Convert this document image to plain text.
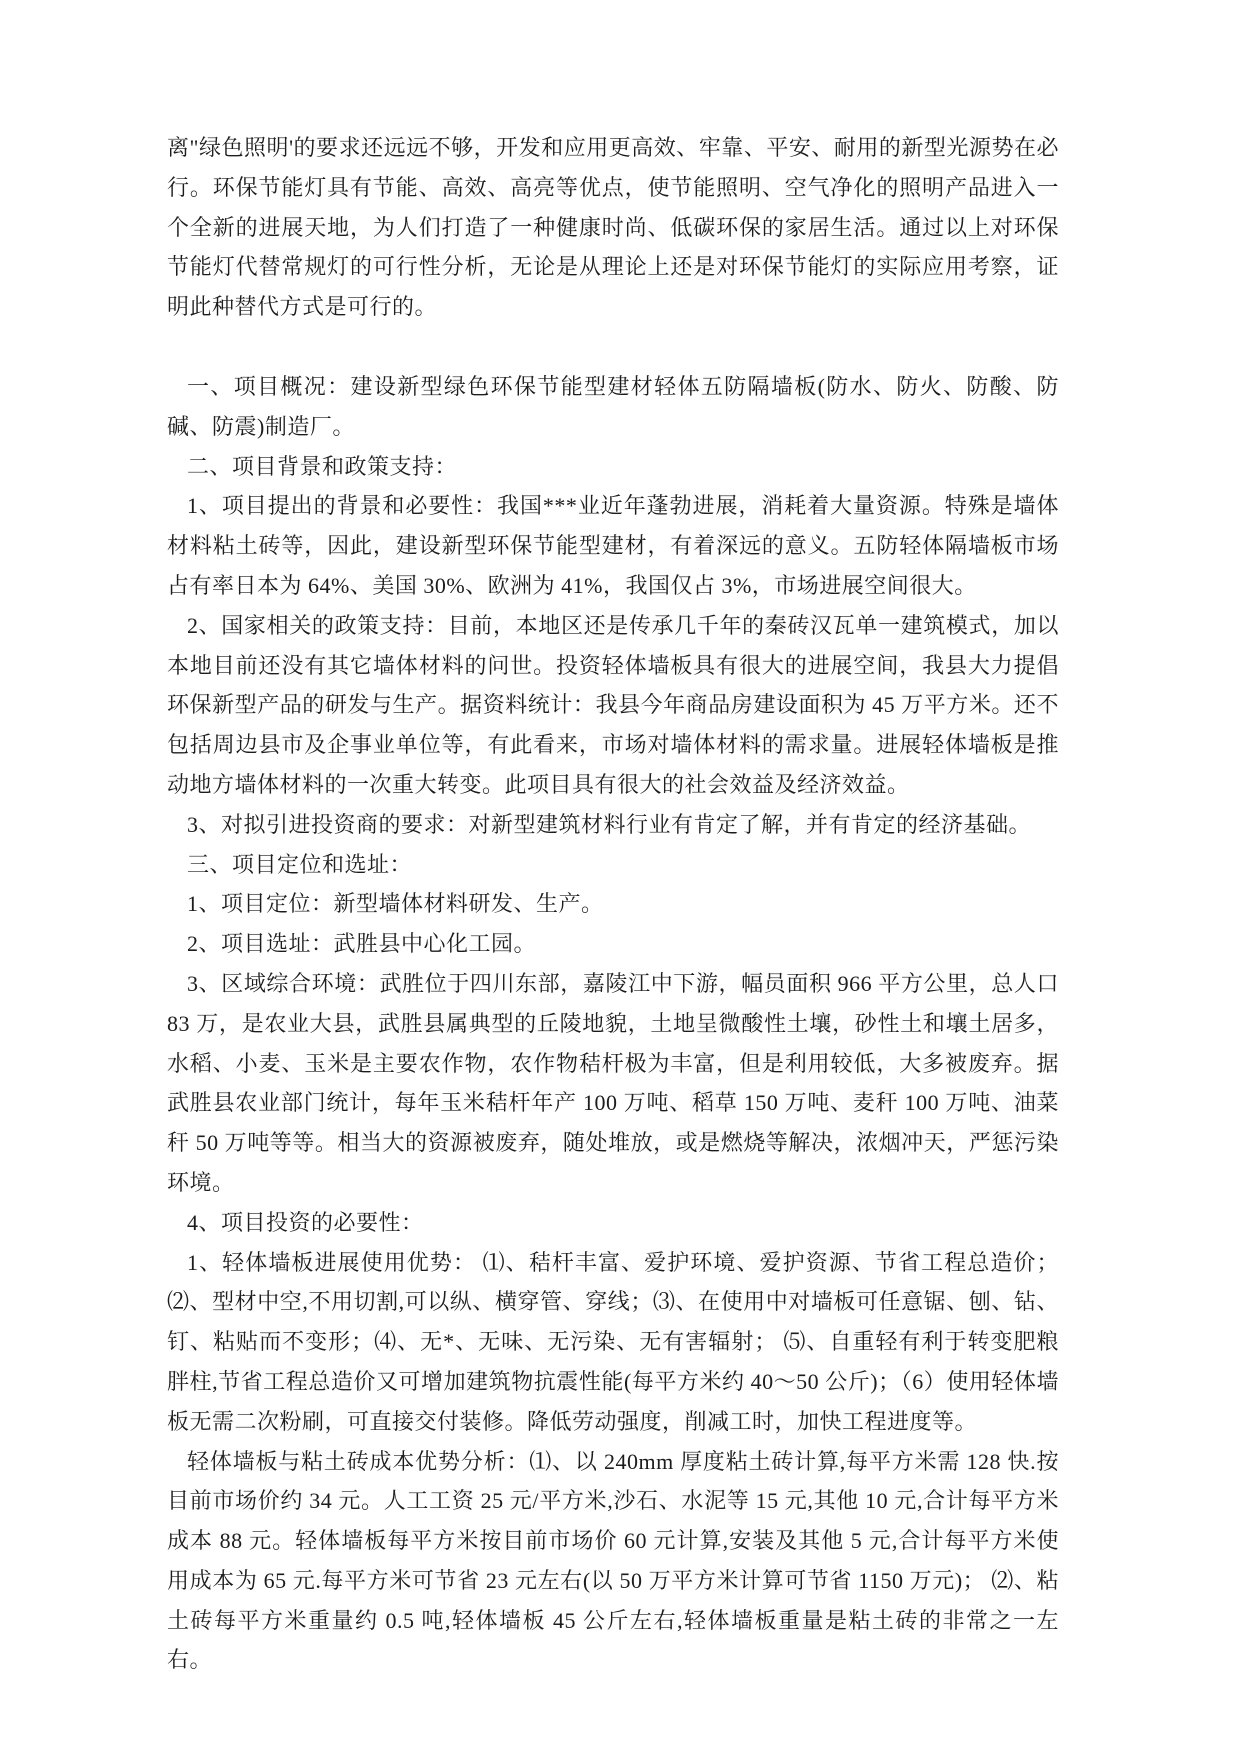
离"绿色照明'的要求还远远不够，开发和应用更高效、牢靠、平安、耐用的新型光源势在必行。环保节能灯具有节能、高效、高亮等优点，使节能照明、空气净化的照明产品进入一个全新的进展天地，为人们打造了一种健康时尚、低碳环保的家居生活。通过以上对环保节能灯代替常规灯的可行性分析，无论是从理论上还是对环保节能灯的实际应用考察，证明此种替代方式是可行的。

一、项目概况：建设新型绿色环保节能型建材轻体五防隔墙板(防水、防火、防酸、防碱、防震)制造厂。

二、项目背景和政策支持：

1、项目提出的背景和必要性：我国***业近年蓬勃进展，消耗着大量资源。特殊是墙体材料粘土砖等，因此，建设新型环保节能型建材，有着深远的意义。五防轻体隔墙板市场占有率日本为 64%、美国 30%、欧洲为 41%，我国仅占 3%，市场进展空间很大。

2、国家相关的政策支持：目前，本地区还是传承几千年的秦砖汉瓦单一建筑模式，加以本地目前还没有其它墙体材料的问世。投资轻体墙板具有很大的进展空间，我县大力提倡环保新型产品的研发与生产。据资料统计：我县今年商品房建设面积为 45 万平方米。还不包括周边县市及企事业单位等，有此看来，市场对墙体材料的需求量。进展轻体墙板是推动地方墙体材料的一次重大转变。此项目具有很大的社会效益及经济效益。

3、对拟引进投资商的要求：对新型建筑材料行业有肯定了解，并有肯定的经济基础。

三、项目定位和选址：

1、项目定位：新型墙体材料研发、生产。

2、项目选址：武胜县中心化工园。

3、区域综合环境：武胜位于四川东部，嘉陵江中下游，幅员面积 966 平方公里，总人口 83 万，是农业大县，武胜县属典型的丘陵地貌，土地呈微酸性土壤，砂性土和壤土居多，水稻、小麦、玉米是主要农作物，农作物秸杆极为丰富，但是利用较低，大多被废弃。据武胜县农业部门统计，每年玉米秸杆年产 100 万吨、稻草 150 万吨、麦秆 100 万吨、油菜秆 50 万吨等等。相当大的资源被废弃，随处堆放，或是燃烧等解决，浓烟冲天，严惩污染环境。

4、项目投资的必要性：

1、轻体墙板进展使用优势： ⑴、秸杆丰富、爱护环境、爱护资源、节省工程总造价；⑵、型材中空,不用切割,可以纵、横穿管、穿线；⑶、在使用中对墙板可任意锯、刨、钻、钉、粘贴而不变形；⑷、无*、无味、无污染、无有害辐射； ⑸、自重轻有利于转变肥粮胖柱,节省工程总造价又可增加建筑物抗震性能(每平方米约 40～50 公斤)；（6）使用轻体墙板无需二次粉刷，可直接交付装修。降低劳动强度，削减工时，加快工程进度等。

轻体墙板与粘土砖成本优势分析：⑴、以 240mm 厚度粘土砖计算,每平方米需 128 快.按目前市场价约 34 元。人工工资 25 元/平方米,沙石、水泥等 15 元,其他 10 元,合计每平方米成本 88 元。轻体墙板每平方米按目前市场价 60 元计算,安装及其他 5 元,合计每平方米使用成本为 65 元.每平方米可节省 23 元左右(以 50 万平方米计算可节省 1150 万元)； ⑵、粘土砖每平方米重量约 0.5 吨,轻体墙板 45 公斤左右,轻体墙板重量是粘土砖的非常之一左右。
